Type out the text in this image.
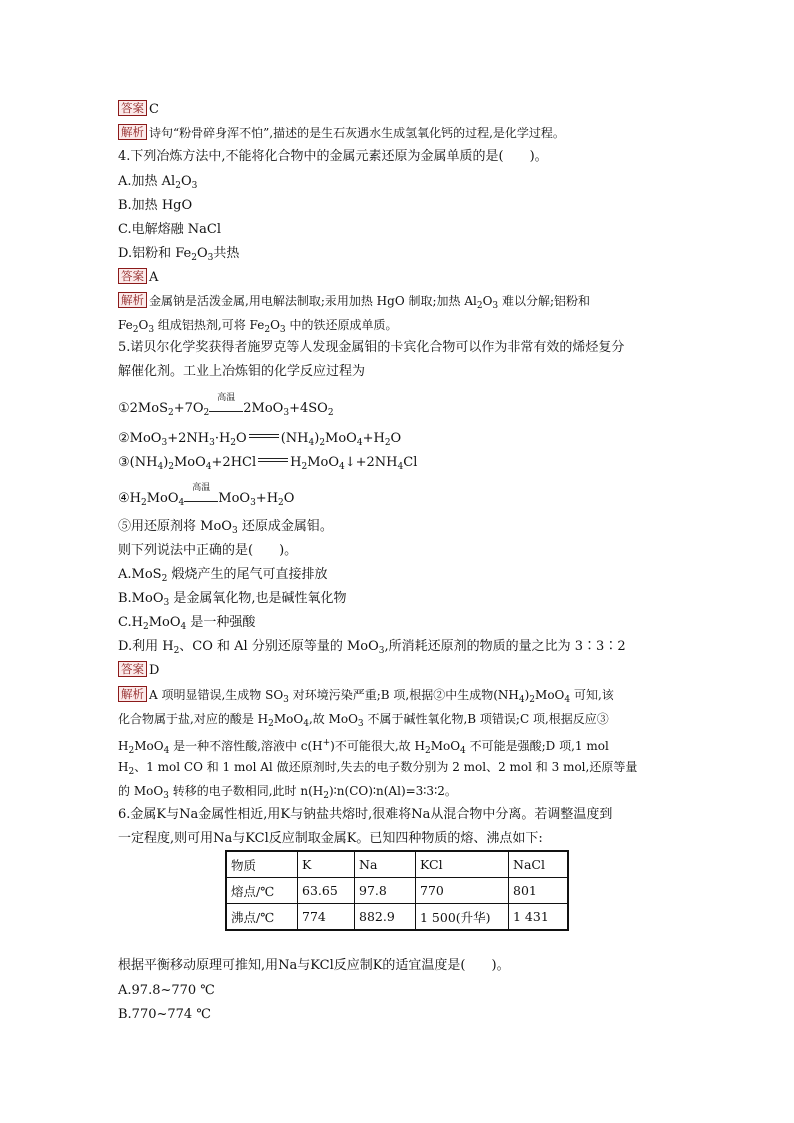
答案 C
解析 诗句“粉骨碎身浑不怕”,描述的是生石灰遇水生成氢氧化钙的过程,是化学过程。
4.下列冶炼方法中,不能将化合物中的金属元素还原为金属单质的是(　　)。
A.加热 $Al_2O_3$
B.加热 HgO
C.电解熔融 NaCl
D.铝粉和 $Fe_2O_3$共热
答案 A
解析 金属钠是活泼金属,用电解法制取;汞用加热 HgO 制取;加热 $Al_2O_3$ 难以分解;铝粉和
$Fe_2O_3$ 组成铝热剂,可将 $Fe_2O_3$ 中的铁还原成单质。
5.诺贝尔化学奖获得者施罗克等人发现金属钼的卡宾化合物可以作为非常有效的烯烃复分
解催化剂。工业上冶炼钼的化学反应过程为
$①2MoS_2+7O_2$
高温
$2MoO_3+4SO_2$
$②MoO_3+2NH_3\cdot H_2O$	$(NH_4)_2MoO_4+H_2O$
$③(NH_4)_2MoO_4+2HCl$	$H_2MoO_4↓+2NH_4Cl$
$④H_2MoO_4$
高温
$MoO_3+H_2O$
⑤用还原剂将 MoO$_3$ 还原成金属钼。
则下列说法中正确的是(　　)。
A.MoS$_2$ 煅烧产生的尾气可直接排放
B.MoO$_3$ 是金属氧化物,也是碱性氧化物
$C.H_2MoO_4$ 是一种强酸
D.利用 $H_2$、CO 和 Al 分别还原等量的 MoO$_3$,所消耗还原剂的物质的量之比为 3∶3∶2
答案 D
解析 A 项明显错误,生成物 $SO_3$ 对环境污染严重;B 项,根据②中生成物$(NH_4)_2MoO_4$ 可知,该
化合物属于盐,对应的酸是 $H_2MoO_4$,故 MoO$_3$ 不属于碱性氧化物,B 项错误;C 项,根据反应③
$H_2MoO_4$ 是一种不溶性酸,溶液中 c(H+)不可能很大,故 $H_2MoO_4$ 不可能是强酸;D 项,1 mol
$H_2$、1 mol CO 和 1 mol Al 做还原剂时,失去的电子数分别为 2 mol、2 mol 和 3 mol,还原等量
的 MoO$_3$ 转移的电子数相同,此时 $n(H_2)∶n(CO)∶n(Al)=3∶3∶2$。
6.金属K与Na金属性相近,用K与钠盐共熔时,很难将Na从混合物中分离。若调整温度到
一定程度,则可用Na与KCl反应制取金属K。已知四种物质的熔、沸点如下:
物质	K	Na	KCl	NaCl
熔点/℃	63.65	97.8	770	801
沸点/℃	774	882.9	1 500(升华)	1 431
根据平衡移动原理可推知,用Na与KCl反应制K的适宜温度是(　　)。
A.97.8~770 ℃
B.770~774 ℃
